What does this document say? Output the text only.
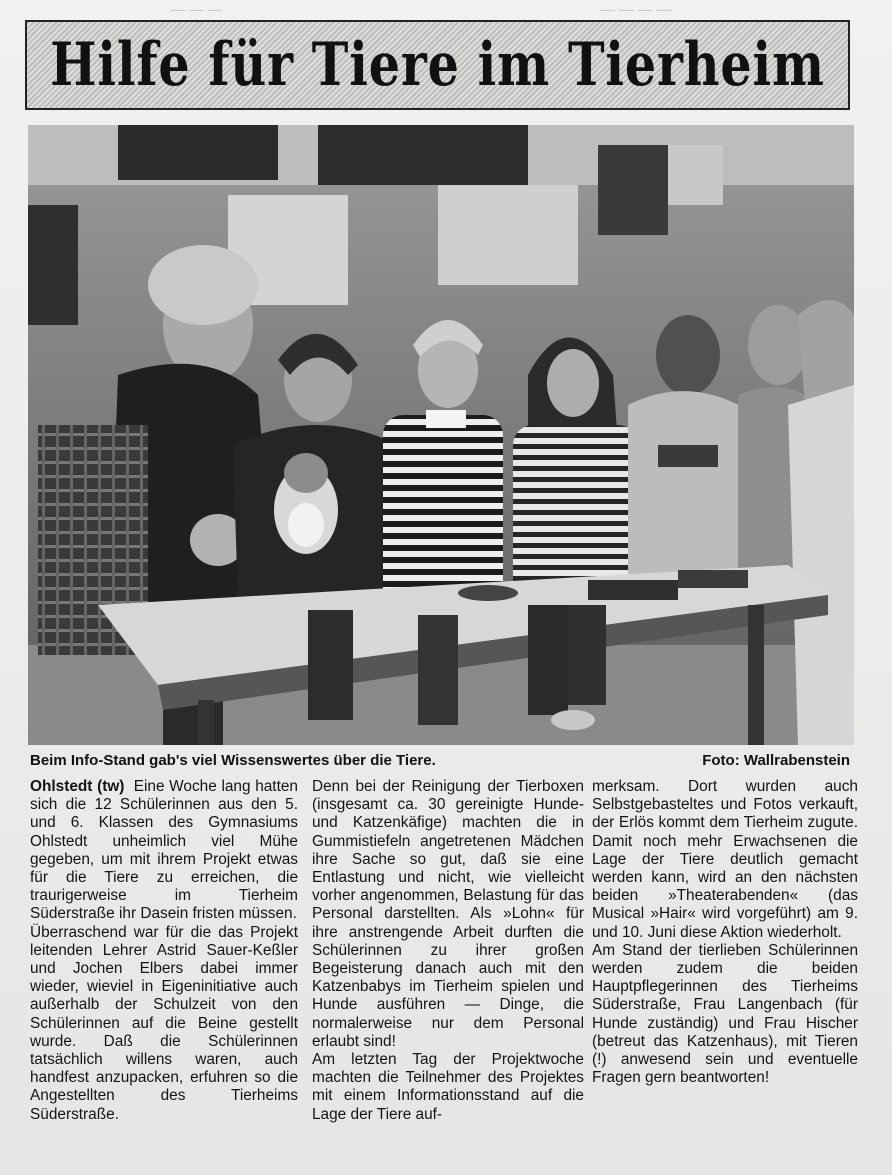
— — — —
— — —
Hilfe für Tiere im Tierheim
Beim Info-Stand gab's viel Wissenswertes über die Tiere.	Foto: Wallrabenstein

Ohlstedt (tw) Eine Woche lang hatten sich die 12 Schülerinnen aus den 5. und 6. Klassen des Gymnasiums Ohlstedt unheimlich viel Mühe gegeben, um mit ihrem Projekt etwas für die Tiere zu erreichen, die traurigerweise im Tierheim Süderstraße ihr Dasein fristen müssen.

Überraschend war für die das Projekt leitenden Lehrer Astrid Sauer-Keßler und Jochen Elbers dabei immer wieder, wieviel in Eigeninitiative auch außerhalb der Schulzeit von den Schülerinnen auf die Beine gestellt wurde. Daß die Schülerinnen tatsächlich willens waren, auch handfest anzupacken, erfuhren so die Angestellten des Tierheims Süderstraße.

Denn bei der Reinigung der Tierboxen (insgesamt ca. 30 gereinigte Hunde- und Katzenkäfige) machten die in Gummistiefeln angetretenen Mädchen ihre Sache so gut, daß sie eine Entlastung und nicht, wie vielleicht vorher angenommen, Belastung für das Personal darstellten. Als »Lohn« für ihre anstrengende Arbeit durften die Schülerinnen zu ihrer großen Begeisterung danach auch mit den Katzenbabys im Tierheim spielen und Hunde ausführen — Dinge, die normalerweise nur dem Personal erlaubt sind!

Am letzten Tag der Projektwoche machten die Teilnehmer des Projektes mit einem Informationsstand auf die Lage der Tiere auf-

merksam. Dort wurden auch Selbstgebasteltes und Fotos verkauft, der Erlös kommt dem Tierheim zugute. Damit noch mehr Erwachsenen die Lage der Tiere deutlich gemacht werden kann, wird an den nächsten beiden »Theaterabenden« (das Musical »Hair« wird vorgeführt) am 9. und 10. Juni diese Aktion wiederholt.

Am Stand der tierlieben Schülerinnen werden zudem die beiden Hauptpflegerinnen des Tierheims Süderstraße, Frau Langenbach (für Hunde zuständig) und Frau Hischer (betreut das Katzenhaus), mit Tieren (!) anwesend sein und eventuelle Fragen gern beantworten!
